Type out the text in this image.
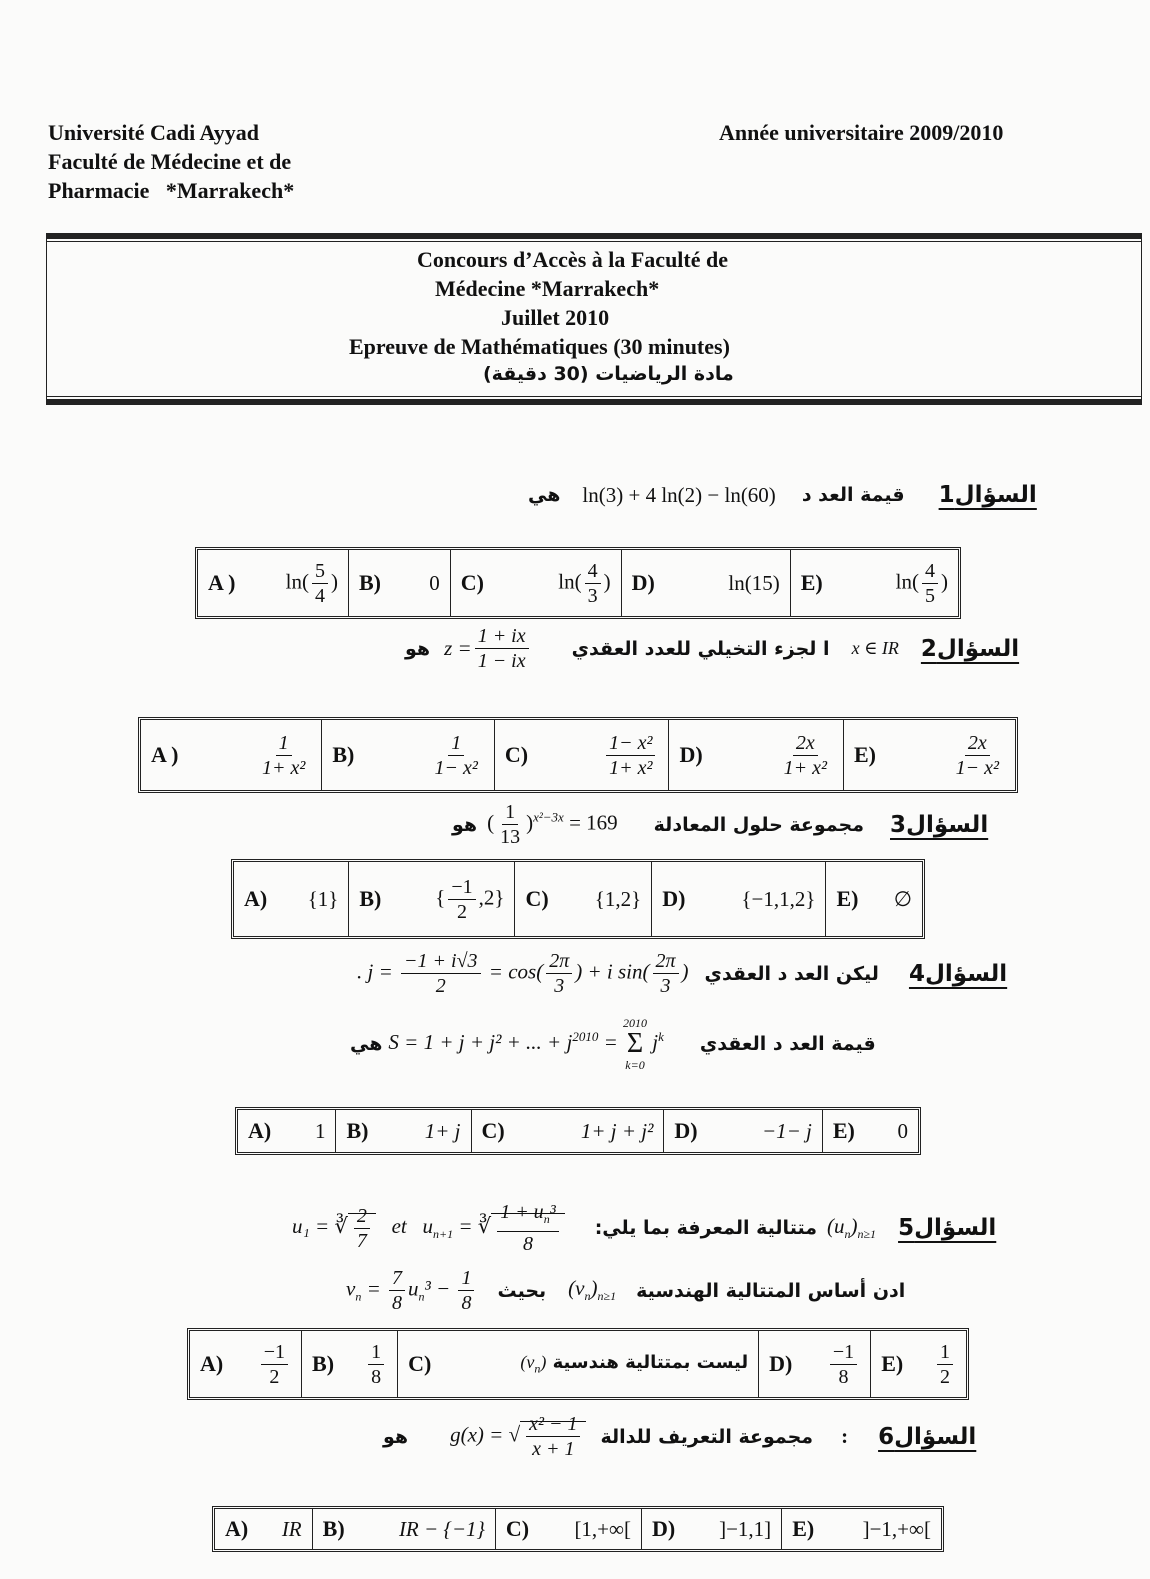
Université Cadi Ayyad
Faculté de Médecine et de
Pharmacie   *Marrakech*
Année universitaire 2009/2010
Concours d’Accès à la Faculté de
Médecine *Marrakech*
Juillet 2010
Epreuve de Mathématiques (30 minutes)
مادة الرياضيات (30 دقيقة)
هي ln(3) + 4 ln(2) − ln(60) قيمة العد د السؤال1
A ) $\ln( \frac{5}{4}$ )	B) 0	C)	$\ln( \frac{4}{3}$ )	D)	ln(15)	E)	$\ln( \frac{4}{5}$ )
هو $z = \frac{1 + ix}{1 - ix}$ ا لجزء التخيلي للعدد العقدي x ∈ IR السؤال2
A )	$\frac{1}{\text{1+ x²}}$	B)	$\frac{1}{\text{1− x²}}$	C)	$\frac{\text{1− x²}}{\text{1+ x²}}$	D)	$\frac{2x}{\text{1+ x²}}$	E)	$\frac{2x}{\text{1− x²}}$
هو ( $\frac{1}{13} )^{x^2-3x} = 169$ مجموعة حلول المعادلة السؤال3
A) {1}	B)	{ $\frac{-1}{2} ,2$}	C) {1,2}	D)	{−1,1,2}	E) ∅
. $j = \frac{-1 + i√3}{2} = \cos( \frac{2\pi}{3}$ ) + i $\sin( \frac{2\pi}{3}$ ) ليكن العد د العقدي السؤال4
هي S = 1 + j + j² + ... + $j^{2010}$ =
2010
Σ
k=0
$j^k$ قيمة العد د العقدي
A) 1	B)	1+ j	C)	1+ j + j²	D)	−1− j	E) 0
u₁ = ∛ $\frac{2}{7}$ et   $u_{n+1}$ = ∛ $\frac{1 + u_n^3}{8}$ متتالية المعرفة بما يلي: $(u_n)_{n\ge 1}$ السؤال5
$v_n = \frac{7}{8} u_n^3 - \frac{1}{8}$ بحيث $(v_n)_{n\ge 1}$ ادن أساس المتتالية الهندسية
$A) \frac{-1}{2}$	$B) \frac{1}{8}$	C)	ليست بمتتالية هندسية $(v_n)$	$D) \frac{-1}{8}$	$E) \frac{1}{2}$
هو g(x) = √ $\frac{\text{x² − 1}}{x + 1}$ مجموعة التعريف للدالة : السؤال6
A) IR	B)	IR − {−1}	C) [1,+∞[	D) ]−1,1]	E) ]−1,+∞[
